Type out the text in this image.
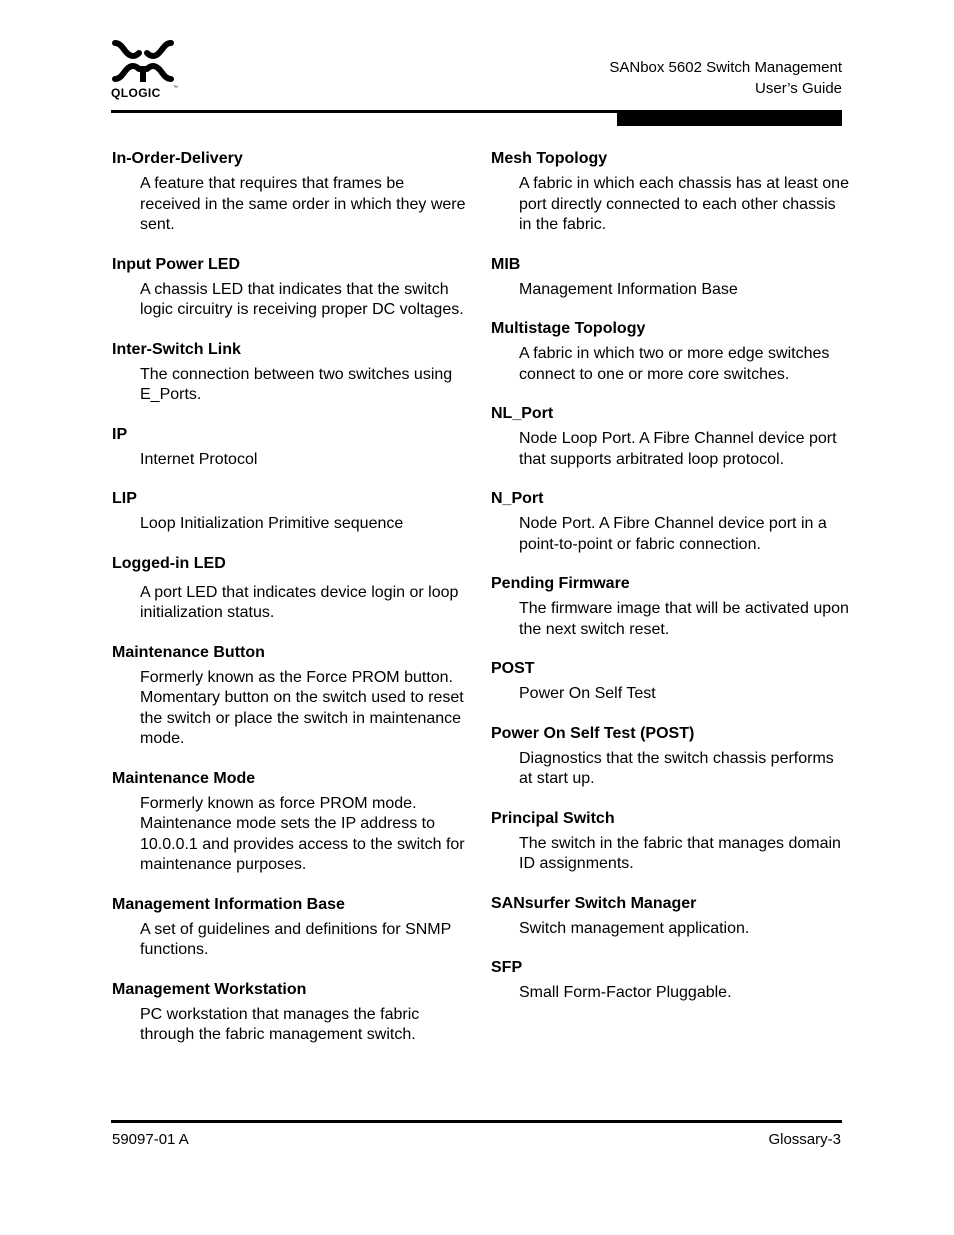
QLOGIC	™
SANbox 5602 Switch Management
User’s Guide
In-Order-Delivery

A feature that requires that frames be received in the same order in which they were sent.

Input Power LED

A chassis LED that indicates that the switch logic circuitry is receiving proper DC voltages.

Inter-Switch Link

The connection between two switches using E_Ports.

IP

Internet Protocol

LIP

Loop Initialization Primitive sequence

Logged-in LED

A port LED that indicates device login or loop initialization status.

Maintenance Button

Formerly known as the Force PROM button. Momentary button on the switch used to reset the switch or place the switch in maintenance mode.

Maintenance Mode

Formerly known as force PROM mode. Maintenance mode sets the IP address to 10.0.0.1 and provides access to the switch for maintenance purposes.

Management Information Base

A set of guidelines and definitions for SNMP functions.

Management Workstation

PC workstation that manages the fabric through the fabric management switch.

Mesh Topology

A fabric in which each chassis has at least one port directly connected to each other chassis in the fabric.

MIB

Management Information Base

Multistage Topology

A fabric in which two or more edge switches connect to one or more core switches.

NL_Port

Node Loop Port. A Fibre Channel device port that supports arbitrated loop protocol.

N_Port

Node Port. A Fibre Channel device port in a point-to-point or fabric connection.

Pending Firmware

The firmware image that will be activated upon the next switch reset.

POST

Power On Self Test

Power On Self Test (POST)

Diagnostics that the switch chassis performs at start up.

Principal Switch

The switch in the fabric that manages domain ID assignments.

SANsurfer Switch Manager

Switch management application.

SFP

Small Form-Factor Pluggable.

59097-01 A	Glossary-3
